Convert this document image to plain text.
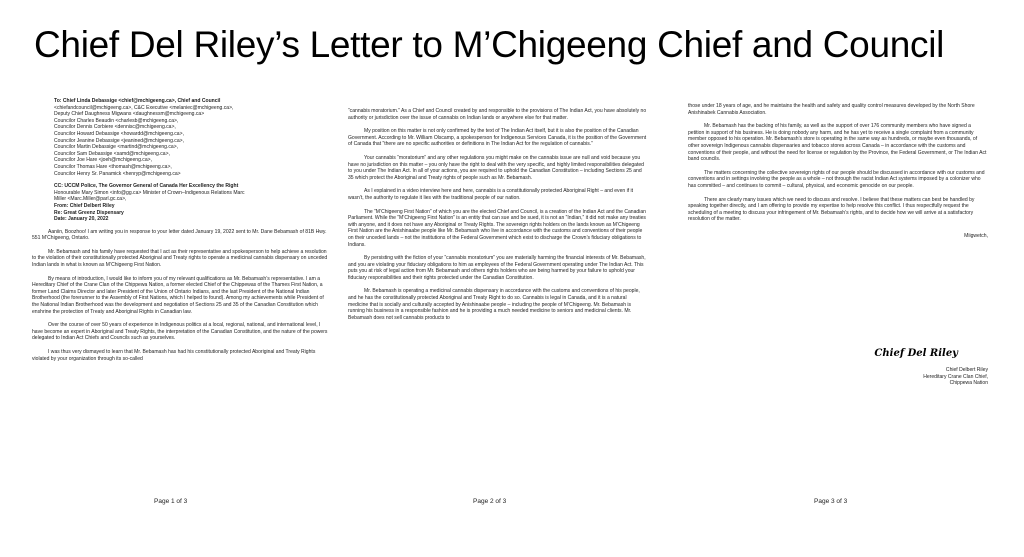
Chief Del Riley’s Letter to M’Chigeeng Chief and Council
To: Chief Linda Debassige <chief@mchigeeng.ca>, Chief and Council
<chiefandcouncil@mchigeeng.ca>, C&C Executive <melaniec@mchigeeng.ca>,
Deputy Chief Daughness Migwans <daughnessm@mchigeeng.ca>
Councilor Charles Beaudin <charlesb@mchigeeng.ca>,
Councilor Dennis Corbiere <dennisc@mchigeeng.ca>,
Councilor Howard Debassige <howardd@mchigeeng.ca>,
Councilor Jeanine Debassige <jeanined@mchigeeng.ca>,
Councilor Martin Debassige <martind@mchigeeng.ca>,
Councilor Sam Debassige <samd@mchigeeng.ca>,
Councilor Joe Hare <joeh@mchigeeng.ca>,
Councilor Thomas Hare <thomash@mchigeeng.ca>,
Councilor Henry Sr. Panamick <henryp@mchigeeng.ca>
CC: UCCM Police, The Governor General of Canada Her Excellency the Right
Honourable Mary Simon <info@gg.ca> Minister of Crown–Indigenous Relations Marc
Miller <Marc.Miller@parl.gc.ca>,
From: Chief Delbert Riley
Re: Great Greenz Dispensary
Date: January 20, 2022

Aaniin, Boozhoo! I am writing you in response to your letter dated January 19, 2022 sent to Mr. Dane Bebamash of 81B Hwy. 551 M’Chigeeng, Ontario.

Mr. Bebamash and his family have requested that I act as their representative and spokesperson to help achieve a resolution to the violation of their constitutionally protected Aboriginal and Treaty rights to operate a medicinal cannabis dispensary on unceded Indian lands in what is known as M’Chigeeng First Nation.

By means of introduction, I would like to inform you of my relevant qualifications as Mr. Bebamash’s representative. I am a Hereditary Chief of the Crane Clan of the Chippewa Nation, a former elected Chief of the Chippewas of the Thames First Nation, a former Land Claims Director and later President of the Union of Ontario Indians, and the last President of the National Indian Brotherhood (the forerunner to the Assembly of First Nations, which I helped to found). Among my achievements while President of the National Indian Brotherhood was the development and negotiation of Sections 25 and 35 of the Canadian Constitution which enshrine the protection of Treaty and Aboriginal Rights in Canadian law.

Over the course of over 50 years of experience in Indigenous politics at a local, regional, national, and international level, I have become an expert in Aboriginal and Treaty Rights, the interpretation of the Canadian Constitution, and the nature of the powers delegated to Indian Act Chiefs and Councils such as yourselves.

I was thus very dismayed to learn that Mr. Bebamash has had his constitutionally protected Aboriginal and Treaty Rights violated by your organization through its so-called

Page 1 of 3

“cannabis moratorium.” As a Chief and Council created by and responsible to the provisions of The Indian Act, you have absolutely no authority or jurisdiction over the issue of cannabis on Indian lands or anywhere else for that matter.

My position on this matter is not only confirmed by the text of The Indian Act itself, but it is also the position of the Canadian Government. According to Mr. William Olscamp, a spokesperson for Indigenous Services Canada, it is the position of the Government of Canada that “there are no specific authorities or definitions in The Indian Act for the regulation of cannabis.”

Your cannabis “moratorium” and any other regulations you might make on the cannabis issue are null and void because you have no jurisdiction on this matter – you only have the right to deal with the very specific, and highly limited responsibilities delegated to you under The Indian Act. In all of your actions, you are required to uphold the Canadian Constitution – including Sections 25 and 35 which protect the Aboriginal and Treaty rights of people such as Mr. Bebamash.

As I explained in a video interview here and here, cannabis is a constitutionally protected Aboriginal Right – and even if it wasn’t, the authority to regulate it lies with the traditional people of our nation.

The “M’Chigeeng First Nation” of which you are the elected Chief and Council, is a creation of the Indian Act and the Canadian Parliament. While the “M’Chigeeng First Nation” is an entity that can sue and be sued, it is not an “Indian,” it did not make any treaties with anyone, and it does not have any Aboriginal or Treaty Rights. The sovereign rights holders on the lands known as M’Chigeeng First Nation are the Anishinaabe people like Mr. Bebamash who live in accordance with the customs and conventions of their people on their unceded lands – not the institutions of the Federal Government which exist to discharge the Crown’s fiduciary obligations to Indians.

By persisting with the fiction of your “cannabis moratorium” you are materially harming the financial interests of Mr. Bebamash, and you are violating your fiduciary obligations to him as employees of the Federal Government operating under The Indian Act. This puts you at risk of legal action from Mr. Bebamash and others rights holders who are being harmed by your failure to uphold your fiduciary responsibilities and their rights protected under the Canadian Constitution.

Mr. Bebamash is operating a medicinal cannabis dispensary in accordance with the customs and conventions of his people, and he has the constitutionally protected Aboriginal and Treaty Right to do so. Cannabis is legal in Canada, and it is a natural medicine that is socially and culturally accepted by Anishinaabe people – including the people of M’Chigeeng. Mr. Bebamash is running his business in a responsible fashion and he is providing a much needed medicine to seniors and medicinal clients. Mr. Bebamash does not sell cannabis products to

Page 2 of 3

those under 18 years of age, and he maintains the health and safety and quality control measures developed by the North Shore Anishinabek Cannabis Association.

Mr. Bebamash has the backing of his family, as well as the support of over 176 community members who have signed a petition in support of his business. He is doing nobody any harm, and he has yet to receive a single complaint from a community member opposed to his operation. Mr. Bebamash’s store is operating in the same way as hundreds, or maybe even thousands, of other sovereign Indigenous cannabis dispensaries and tobacco stores across Canada – in accordance with the customs and conventions of their people, and without the need for license or regulation by the Province, the Federal Government, or The Indian Act band councils.

The matters concerning the collective sovereign rights of our people should be discussed in accordance with our customs and conventions and in settings involving the people as a whole – not through the racist Indian Act systems imposed by a colonizer who has committed – and continues to commit – cultural, physical, and economic genocide on our people.

There are clearly many issues which we need to discuss and resolve. I believe that these matters can best be handled by speaking together directly, and I am offering to provide my expertise to help resolve this conflict. I thus respectfully request the scheduling of a meeting to discuss your infringement of Mr. Bebamash’s rights, and to decide how we will arrive at a satisfactory resolution of the matter.

Miigwetch,

Chief Del Riley
Chief Delbert Riley
Hereditary Crane Clan Chief,
Chippewa Nation
Page 3 of 3
